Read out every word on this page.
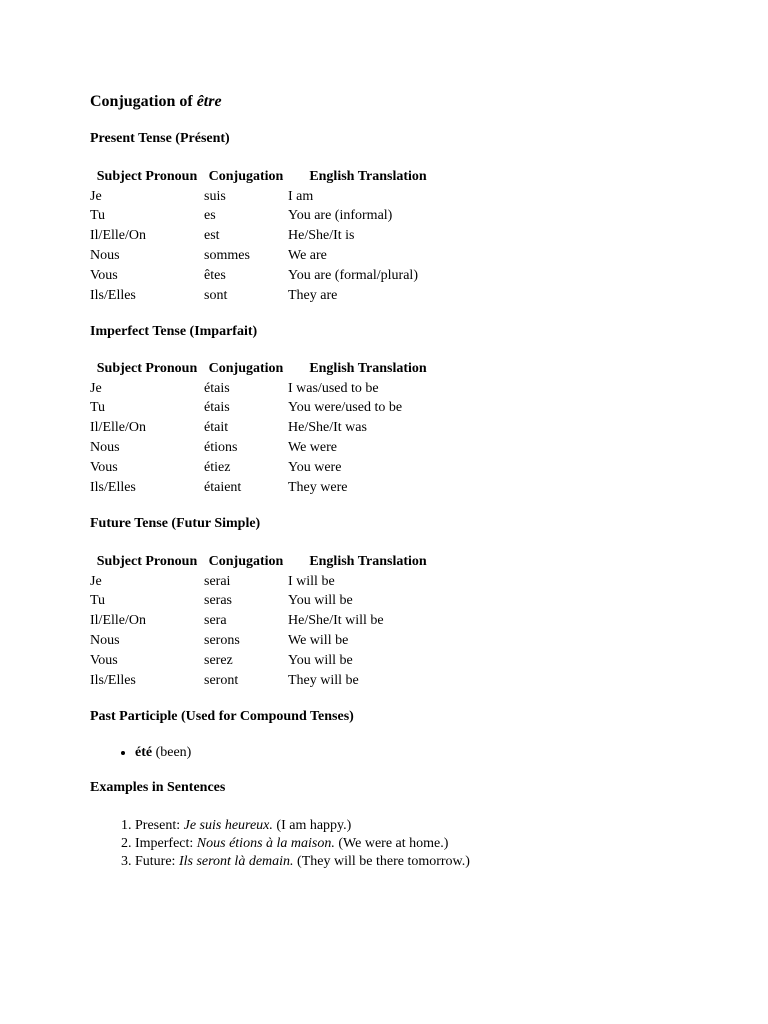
Conjugation of être
Present Tense (Présent)
Subject Pronoun	Conjugation	English Translation
Je	suis	I am
Tu	es	You are (informal)
Il/Elle/On	est	He/She/It is
Nous	sommes	We are
Vous	êtes	You are (formal/plural)
Ils/Elles	sont	They are
Imperfect Tense (Imparfait)
Subject Pronoun	Conjugation	English Translation
Je	étais	I was/used to be
Tu	étais	You were/used to be
Il/Elle/On	était	He/She/It was
Nous	étions	We were
Vous	étiez	You were
Ils/Elles	étaient	They were
Future Tense (Futur Simple)
Subject Pronoun	Conjugation	English Translation
Je	serai	I will be
Tu	seras	You will be
Il/Elle/On	sera	He/She/It will be
Nous	serons	We will be
Vous	serez	You will be
Ils/Elles	seront	They will be
Past Participle (Used for Compound Tenses)
• été (been)
Examples in Sentences
1. Present: Je suis heureux. (I am happy.)
2. Imperfect: Nous étions à la maison. (We were at home.)
3. Future: Ils seront là demain. (They will be there tomorrow.)
